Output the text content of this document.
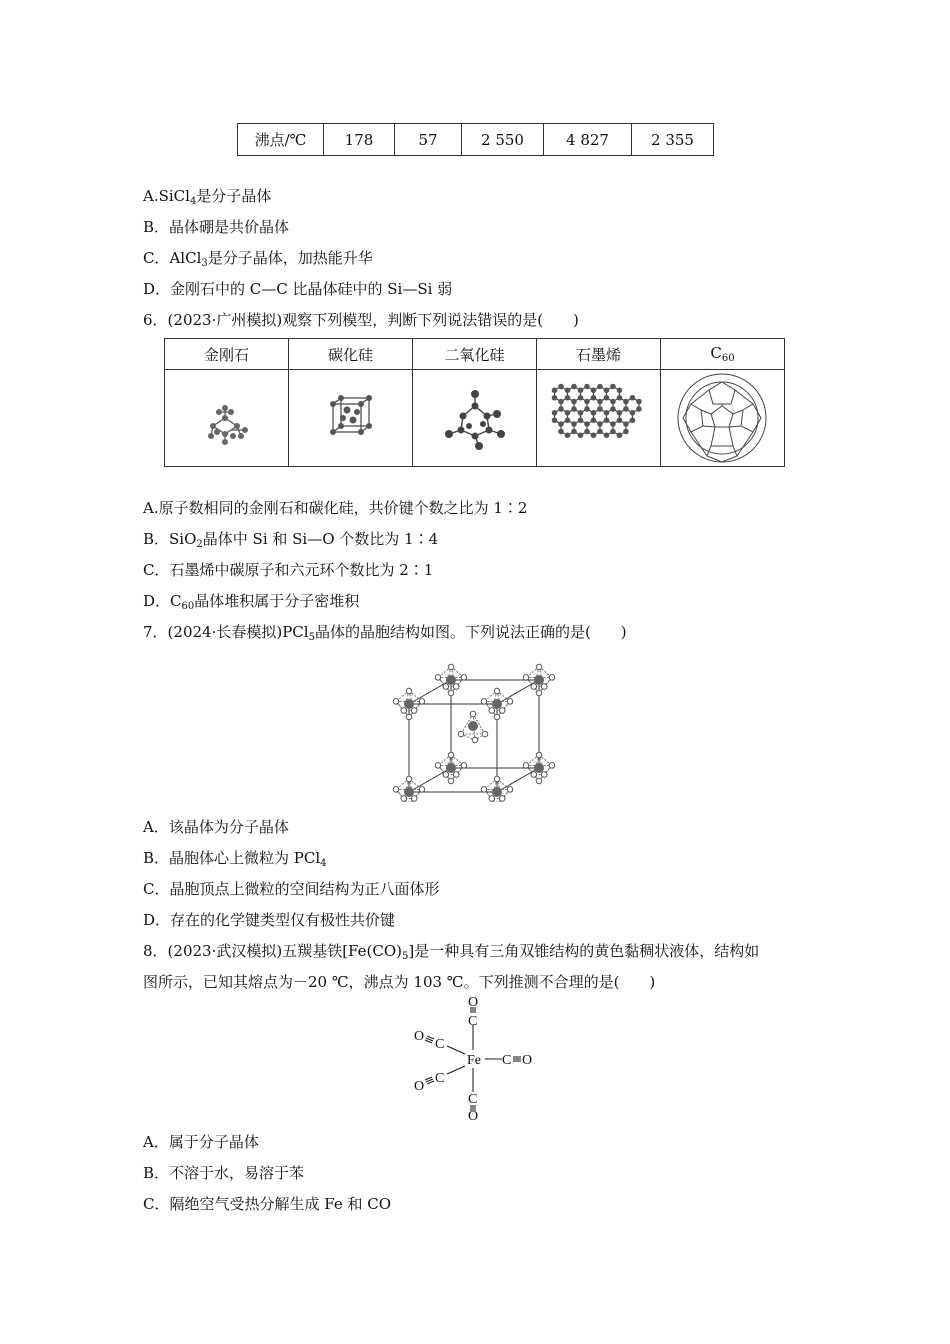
沸点/℃	178	57	2 550	4 827	2 355
A.SiCl$_4$是分子晶体
B．晶体硼是共价晶体
C．AlCl$_3$是分子晶体，加热能升华
D．金刚石中的 C—C 比晶体硅中的 Si—Si 弱
6．(2023·广州模拟)观察下列模型，判断下列说法错误的是(　　)
金刚石	碳化硅	二氧化硅	石墨烯	$C_{60}$

A.原子数相同的金刚石和碳化硅，共价键个数之比为 1∶2
B．SiO$_2$晶体中 Si 和 Si—O 个数比为 1∶4
C．石墨烯中碳原子和六元环个数比为 2∶1
D．$C_{60}$晶体堆积属于分子密堆积
7．(2024·长春模拟)PCl$_5$晶体的晶胞结构如图。下列说法正确的是(　　)
A．该晶体为分子晶体
B．晶胞体心上微粒为 PCl$_4$
C．晶胞顶点上微粒的空间结构为正八面体形
D．存在的化学键类型仅有极性共价键
8．(2023·武汉模拟)五羰基铁$[Fe(CO)_5]$是一种具有三角双锥结构的黄色黏稠状液体，结构如
图所示，已知其熔点为－20 ℃，沸点为 103 ℃。下列推测不合理的是(　　)
Fe
O
C
C
O
C O
C
O
C
O
A．属于分子晶体
B．不溶于水，易溶于苯
C．隔绝空气受热分解生成 Fe 和 CO
